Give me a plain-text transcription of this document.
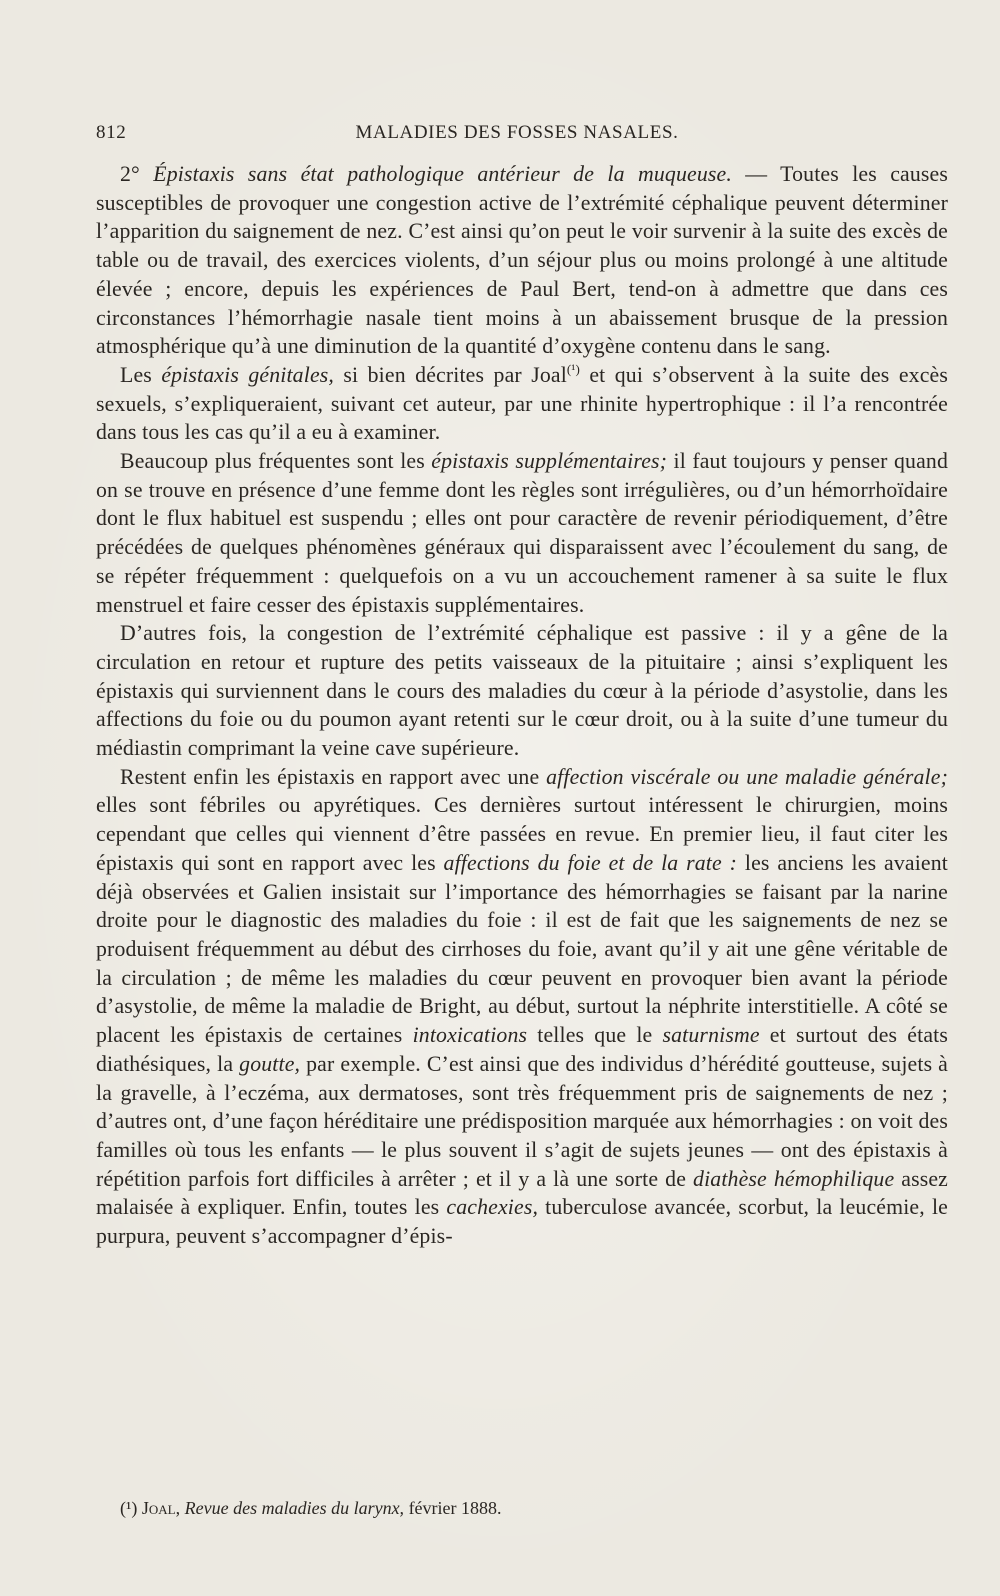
812	MALADIES DES FOSSES NASALES.

2° Épistaxis sans état pathologique antérieur de la muqueuse. — Toutes les causes susceptibles de provoquer une congestion active de l’extrémité céphalique peuvent déterminer l’apparition du saignement de nez. C’est ainsi qu’on peut le voir survenir à la suite des excès de table ou de travail, des exercices violents, d’un séjour plus ou moins prolongé à une altitude élevée ; encore, depuis les expériences de Paul Bert, tend-on à admettre que dans ces circonstances l’hémorrhagie nasale tient moins à un abaissement brusque de la pression atmosphérique qu’à une diminution de la quantité d’oxygène contenu dans le sang.

Les épistaxis génitales, si bien décrites par Joal$^{(^1)}$ et qui s’observent à la suite des excès sexuels, s’expliqueraient, suivant cet auteur, par une rhinite hypertrophique : il l’a rencontrée dans tous les cas qu’il a eu à examiner.

Beaucoup plus fréquentes sont les épistaxis supplémentaires; il faut toujours y penser quand on se trouve en présence d’une femme dont les règles sont irrégulières, ou d’un hémorrhoïdaire dont le flux habituel est suspendu ; elles ont pour caractère de revenir périodiquement, d’être précédées de quelques phénomènes généraux qui disparaissent avec l’écoulement du sang, de se répéter fréquemment : quelquefois on a vu un accouchement ramener à sa suite le flux menstruel et faire cesser des épistaxis supplémentaires.

D’autres fois, la congestion de l’extrémité céphalique est passive : il y a gêne de la circulation en retour et rupture des petits vaisseaux de la pituitaire ; ainsi s’expliquent les épistaxis qui surviennent dans le cours des maladies du cœur à la période d’asystolie, dans les affections du foie ou du poumon ayant retenti sur le cœur droit, ou à la suite d’une tumeur du médiastin comprimant la veine cave supérieure.

Restent enfin les épistaxis en rapport avec une affection viscérale ou une maladie générale; elles sont fébriles ou apyrétiques. Ces dernières surtout intéressent le chirurgien, moins cependant que celles qui viennent d’être passées en revue. En premier lieu, il faut citer les épistaxis qui sont en rapport avec les affections du foie et de la rate : les anciens les avaient déjà observées et Galien insistait sur l’importance des hémorrhagies se faisant par la narine droite pour le diagnostic des maladies du foie : il est de fait que les saignements de nez se produisent fréquemment au début des cirrhoses du foie, avant qu’il y ait une gêne véritable de la circulation ; de même les maladies du cœur peuvent en provoquer bien avant la période d’asystolie, de même la maladie de Bright, au début, surtout la néphrite interstitielle. A côté se placent les épistaxis de certaines intoxications telles que le saturnisme et surtout des états diathésiques, la goutte, par exemple. C’est ainsi que des individus d’hérédité goutteuse, sujets à la gravelle, à l’eczéma, aux dermatoses, sont très fréquemment pris de saignements de nez ; d’autres ont, d’une façon héréditaire une prédisposition marquée aux hémorrhagies : on voit des familles où tous les enfants — le plus souvent il s’agit de sujets jeunes — ont des épistaxis à répétition parfois fort difficiles à arrêter ; et il y a là une sorte de diathèse hémophilique assez malaisée à expliquer. Enfin, toutes les cachexies, tuberculose avancée, scorbut, la leucémie, le purpura, peuvent s’accompagner d’épis-

(¹) Joal, Revue des maladies du larynx, février 1888.
